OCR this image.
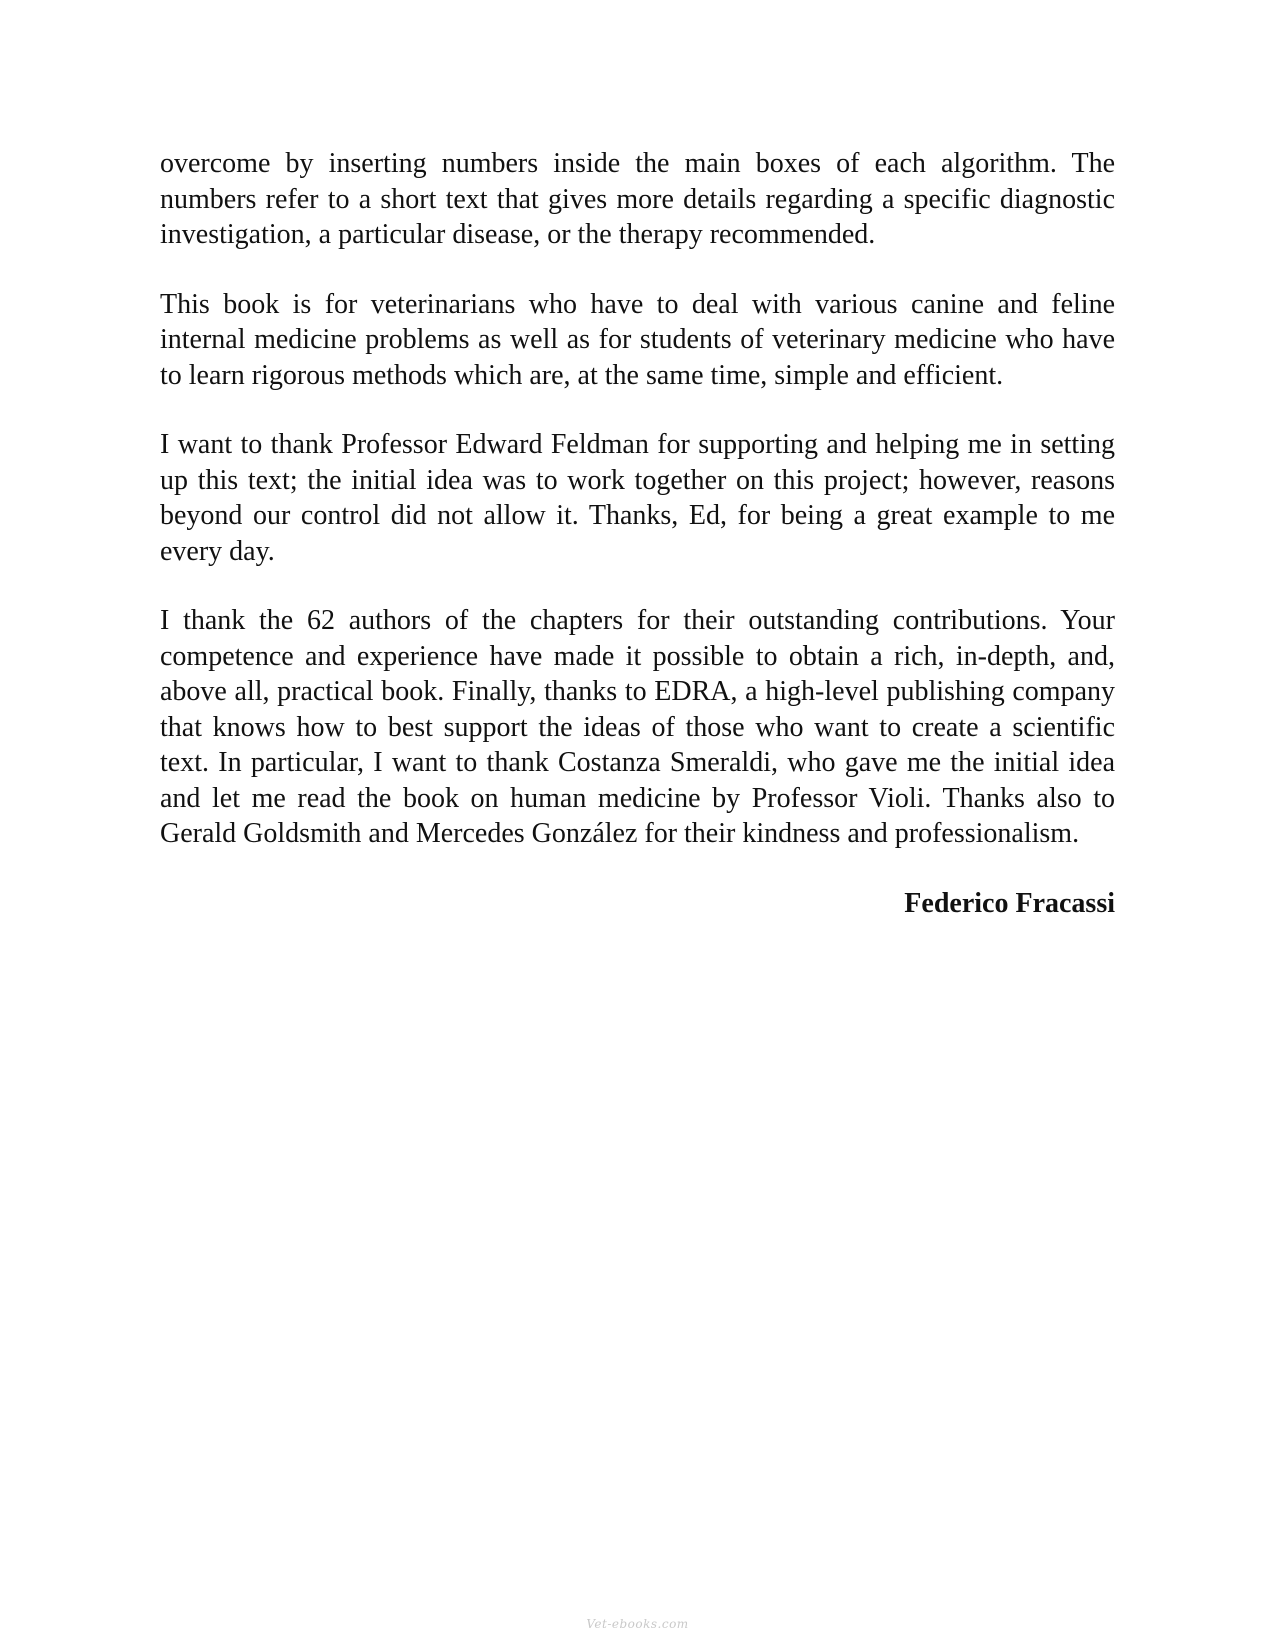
overcome by inserting numbers inside the main boxes of each algorithm. The numbers refer to a short text that gives more details regarding a specific diagnostic investigation, a particular disease, or the therapy recommended.

This book is for veterinarians who have to deal with various canine and feline internal medicine problems as well as for students of veterinary medicine who have to learn rigorous methods which are, at the same time, simple and efficient.

I want to thank Professor Edward Feldman for supporting and helping me in setting up this text; the initial idea was to work together on this project; however, reasons beyond our control did not allow it. Thanks, Ed, for being a great example to me every day.

I thank the 62 authors of the chapters for their outstanding contributions. Your competence and experience have made it possible to obtain a rich, in-depth, and, above all, practical book. Finally, thanks to EDRA, a high-level publishing company that knows how to best support the ideas of those who want to create a scientific text. In particular, I want to thank Costanza Smeraldi, who gave me the initial idea and let me read the book on human medicine by Professor Violi. Thanks also to Gerald Goldsmith and Mercedes González for their kindness and professionalism.

Federico Fracassi

Vet-ebooks.com
